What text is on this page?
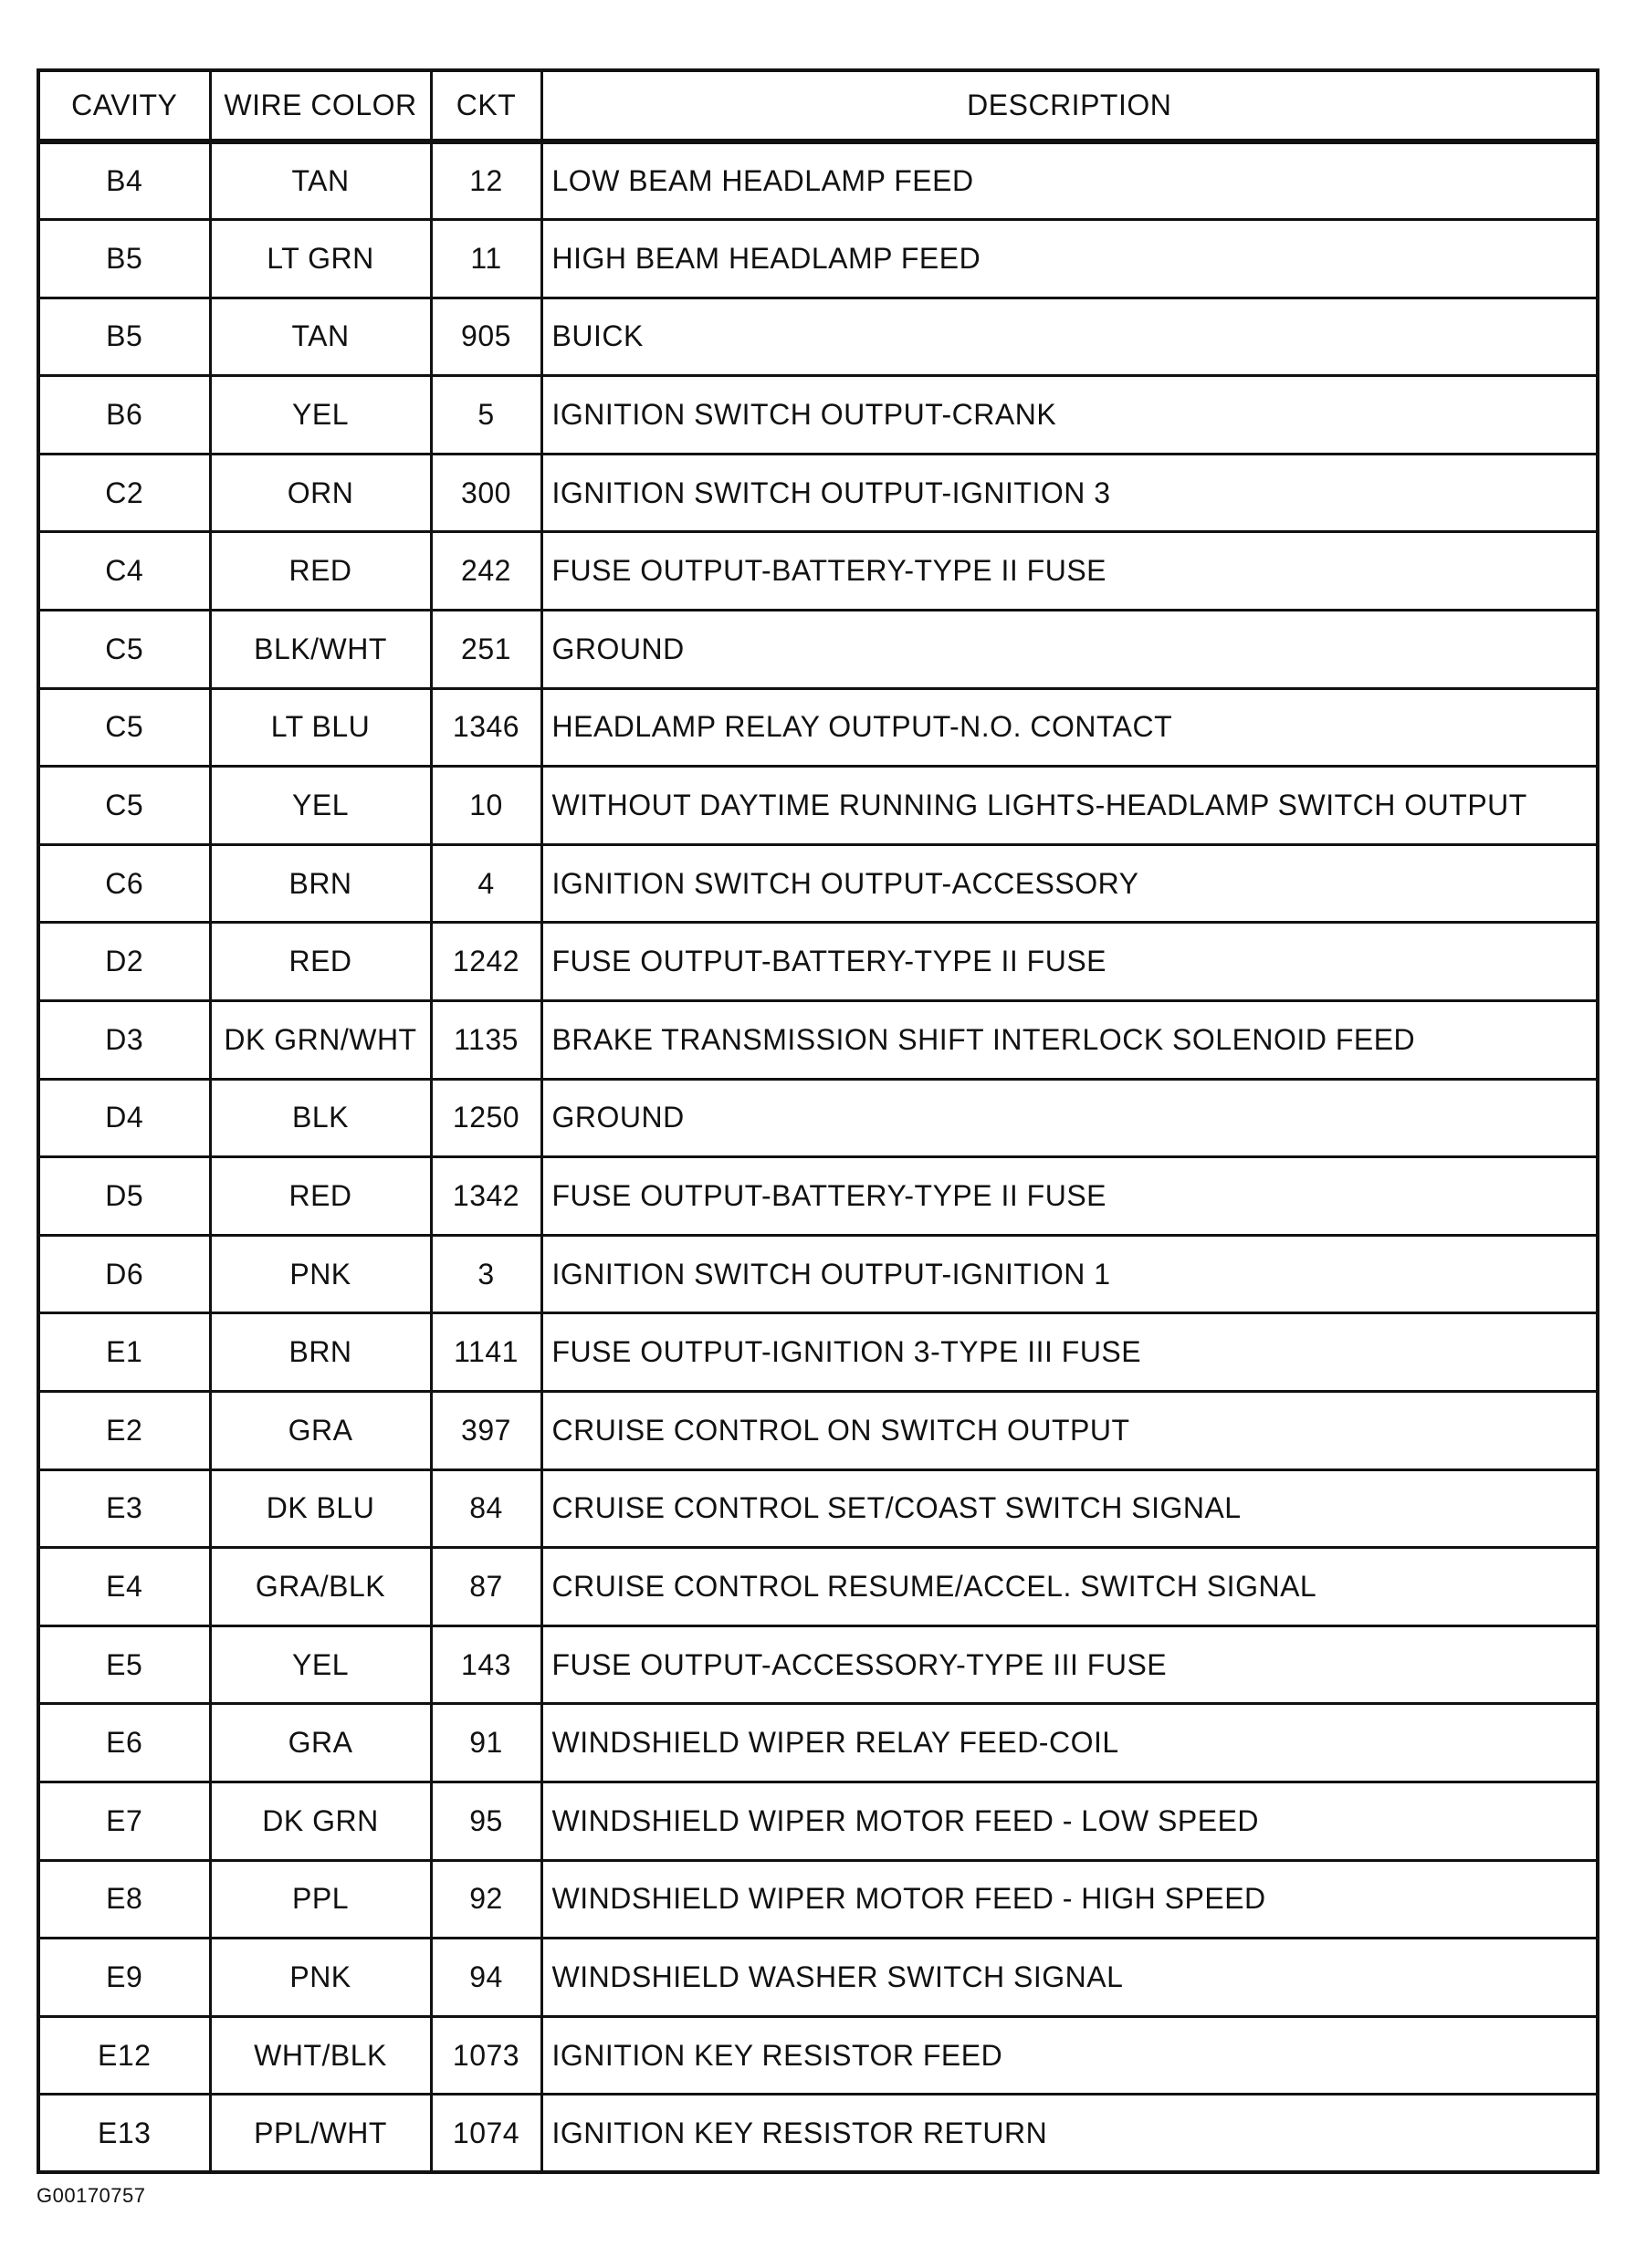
CAVITY	WIRE COLOR	CKT	DESCRIPTION
B4	TAN	12	LOW BEAM HEADLAMP FEED
B5	LT GRN	11	HIGH BEAM HEADLAMP FEED
B5	TAN	905	BUICK
B6	YEL	5	IGNITION SWITCH OUTPUT-CRANK
C2	ORN	300	IGNITION SWITCH OUTPUT-IGNITION 3
C4	RED	242	FUSE OUTPUT-BATTERY-TYPE II FUSE
C5	BLK/WHT	251	GROUND
C5	LT BLU	1346	HEADLAMP RELAY OUTPUT-N.O. CONTACT
C5	YEL	10	WITHOUT DAYTIME RUNNING LIGHTS-HEADLAMP SWITCH OUTPUT
C6	BRN	4	IGNITION SWITCH OUTPUT-ACCESSORY
D2	RED	1242	FUSE OUTPUT-BATTERY-TYPE II FUSE
D3	DK GRN/WHT	1135	BRAKE TRANSMISSION SHIFT INTERLOCK SOLENOID FEED
D4	BLK	1250	GROUND
D5	RED	1342	FUSE OUTPUT-BATTERY-TYPE II FUSE
D6	PNK	3	IGNITION SWITCH OUTPUT-IGNITION 1
E1	BRN	1141	FUSE OUTPUT-IGNITION 3-TYPE III FUSE
E2	GRA	397	CRUISE CONTROL ON SWITCH OUTPUT
E3	DK BLU	84	CRUISE CONTROL SET/COAST SWITCH SIGNAL
E4	GRA/BLK	87	CRUISE CONTROL RESUME/ACCEL. SWITCH SIGNAL
E5	YEL	143	FUSE OUTPUT-ACCESSORY-TYPE III FUSE
E6	GRA	91	WINDSHIELD WIPER RELAY FEED-COIL
E7	DK GRN	95	WINDSHIELD WIPER MOTOR FEED - LOW SPEED
E8	PPL	92	WINDSHIELD WIPER MOTOR FEED - HIGH SPEED
E9	PNK	94	WINDSHIELD WASHER SWITCH SIGNAL
E12	WHT/BLK	1073	IGNITION KEY RESISTOR FEED
E13	PPL/WHT	1074	IGNITION KEY RESISTOR RETURN
G00170757
